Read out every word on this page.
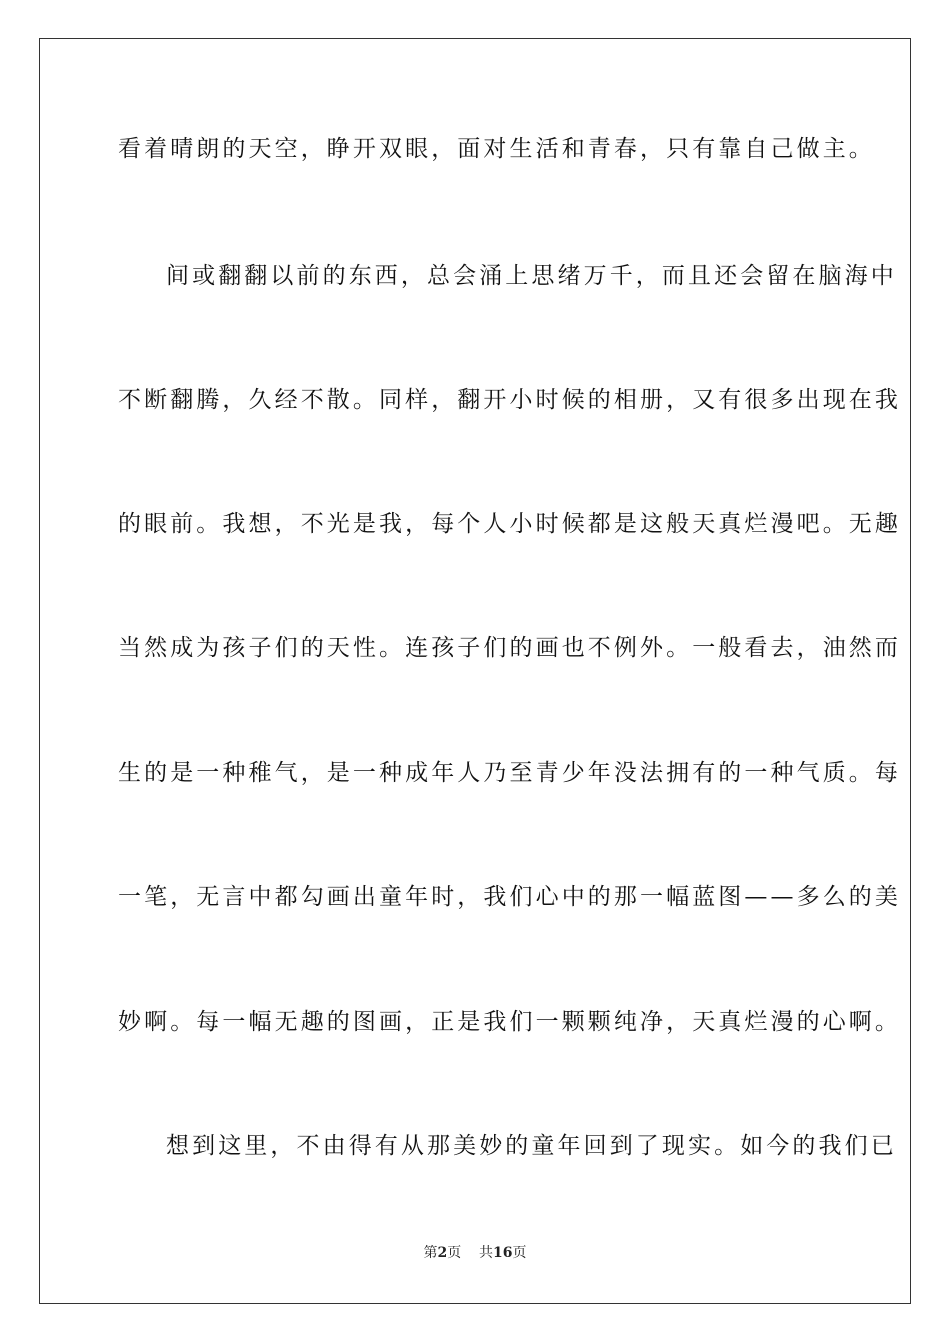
看着晴朗的天空，睁开双眼，面对生活和青春，只有靠自己做主。
间或翻翻以前的东西，总会涌上思绪万千，而且还会留在脑海中
不断翻腾，久经不散。同样，翻开小时候的相册，又有很多出现在我
的眼前。我想，不光是我，每个人小时候都是这般天真烂漫吧。无趣
当然成为孩子们的天性。连孩子们的画也不例外。一般看去，油然而
生的是一种稚气，是一种成年人乃至青少年没法拥有的一种气质。每
一笔，无言中都勾画出童年时，我们心中的那一幅蓝图——多么的美
妙啊。每一幅无趣的图画，正是我们一颗颗纯净，天真烂漫的心啊。
想到这里，不由得有从那美妙的童年回到了现实。如今的我们已
第2页 共16页
